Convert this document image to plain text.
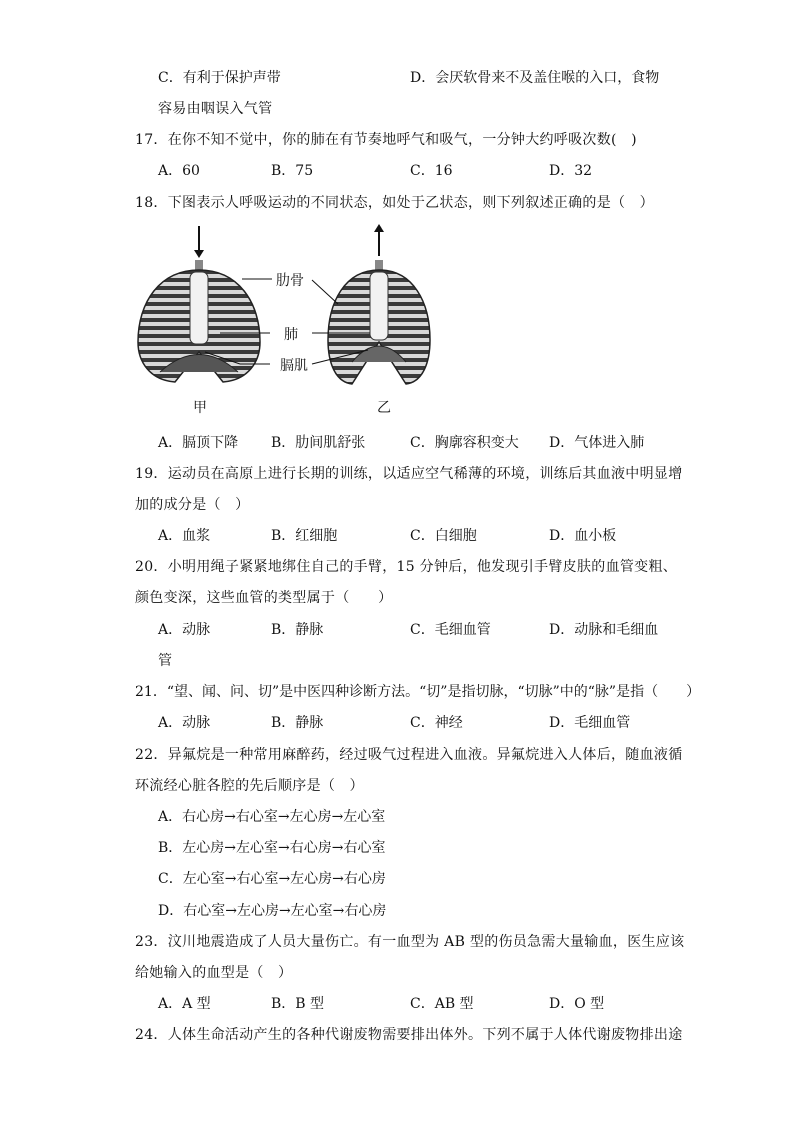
C．有利于保护声带	D．会厌软骨来不及盖住喉的入口，食物
容易由咽误入气管
17．在你不知不觉中，你的肺在有节奏地呼气和吸气，一分钟大约呼吸次数(　)
A．60	B．75	C．16	D．32
18．下图表示人呼吸运动的不同状态，如处于乙状态，则下列叙述正确的是（　）
肋骨
肺
膈肌
甲	乙
A．膈顶下降 B．肋间肌舒张	C．胸廓容积变大 D．气体进入肺
19．运动员在高原上进行长期的训练，以适应空气稀薄的环境，训练后其血液中明显增
加的成分是（　）
A．血浆	B．红细胞	C．白细胞	D．血小板
20．小明用绳子紧紧地绑住自己的手臂，15 分钟后，他发现引手臂皮肤的血管变粗、
颜色变深，这些血管的类型属于（　　）
A．动脉	B．静脉	C．毛细血管	D．动脉和毛细血
管
21．“望、闻、问、切”是中医四种诊断方法。“切”是指切脉，“切脉”中的“脉”是指（　　）
A．动脉	B．静脉	C．神经	D．毛细血管
22．异氟烷是一种常用麻醉药，经过吸气过程进入血液。异氟烷进入人体后，随血液循
环流经心脏各腔的先后顺序是（　）
A．右心房→右心室→左心房→左心室
B．左心房→左心室→右心房→右心室
C．左心室→右心室→左心房→右心房
D．右心室→左心房→左心室→右心房
23．汶川地震造成了人员大量伤亡。有一血型为 AB 型的伤员急需大量输血，医生应该
给她输入的血型是（　）
A．A 型	B．B 型	C．AB 型	D．O 型
24．人体生命活动产生的各种代谢废物需要排出体外。下列不属于人体代谢废物排出途
